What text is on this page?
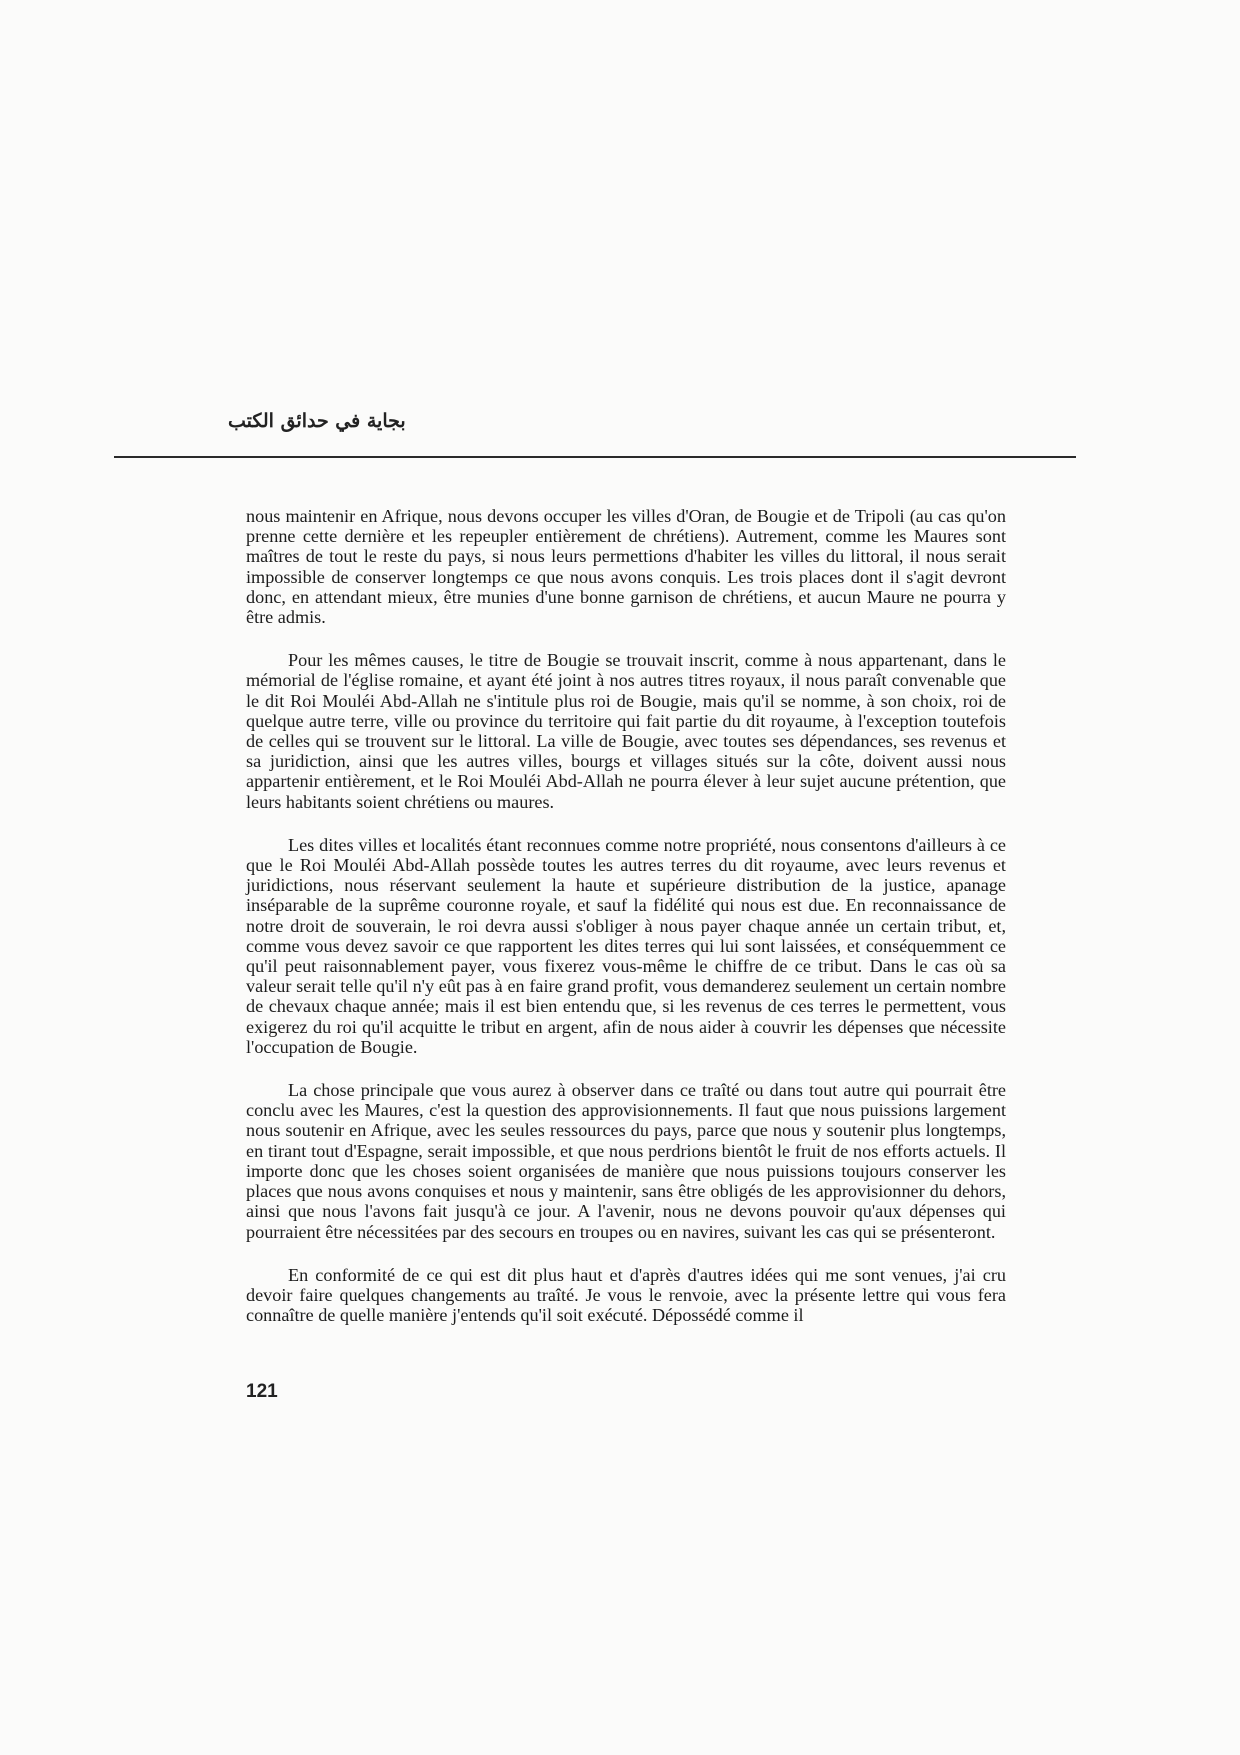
بجاية في حدائق الكتب

nous maintenir en Afrique, nous devons occuper les villes d'Oran, de Bougie et de Tripoli (au cas qu'on prenne cette dernière et les repeupler entièrement de chrétiens). Autrement, comme les Maures sont maîtres de tout le reste du pays, si nous leurs permettions d'habiter les villes du littoral, il nous serait impossible de conserver longtemps ce que nous avons conquis. Les trois places dont il s'agit devront donc, en attendant mieux, être munies d'une bonne garnison de chrétiens, et aucun Maure ne pourra y être admis.

Pour les mêmes causes, le titre de Bougie se trouvait inscrit, comme à nous appartenant, dans le mémorial de l'église romaine, et ayant été joint à nos autres titres royaux, il nous paraît convenable que le dit Roi Mouléi Abd-Allah ne s'intitule plus roi de Bougie, mais qu'il se nomme, à son choix, roi de quelque autre terre, ville ou province du territoire qui fait partie du dit royaume, à l'exception toutefois de celles qui se trouvent sur le littoral. La ville de Bougie, avec toutes ses dépendances, ses revenus et sa juridiction, ainsi que les autres villes, bourgs et villages situés sur la côte, doivent aussi nous appartenir entièrement, et le Roi Mouléi Abd-Allah ne pourra élever à leur sujet aucune prétention, que leurs habitants soient chrétiens ou maures.

Les dites villes et localités étant reconnues comme notre propriété, nous consentons d'ailleurs à ce que le Roi Mouléi Abd-Allah possède toutes les autres terres du dit royaume, avec leurs revenus et juridictions, nous réservant seulement la haute et supérieure distribution de la justice, apanage inséparable de la suprême couronne royale, et sauf la fidélité qui nous est due. En reconnaissance de notre droit de souverain, le roi devra aussi s'obliger à nous payer chaque année un certain tribut, et, comme vous devez savoir ce que rapportent les dites terres qui lui sont laissées, et conséquemment ce qu'il peut raisonnablement payer, vous fixerez vous-même le chiffre de ce tribut. Dans le cas où sa valeur serait telle qu'il n'y eût pas à en faire grand profit, vous demanderez seulement un certain nombre de chevaux chaque année; mais il est bien entendu que, si les revenus de ces terres le permettent, vous exigerez du roi qu'il acquitte le tribut en argent, afin de nous aider à couvrir les dépenses que nécessite l'occupation de Bougie.

La chose principale que vous aurez à observer dans ce traîté ou dans tout autre qui pourrait être conclu avec les Maures, c'est la question des approvisionnements. Il faut que nous puissions largement nous soutenir en Afrique, avec les seules ressources du pays, parce que nous y soutenir plus longtemps, en tirant tout d'Espagne, serait impossible, et que nous perdrions bientôt le fruit de nos efforts actuels. Il importe donc que les choses soient organisées de manière que nous puissions toujours conserver les places que nous avons conquises et nous y maintenir, sans être obligés de les approvisionner du dehors, ainsi que nous l'avons fait jusqu'à ce jour. A l'avenir, nous ne devons pouvoir qu'aux dépenses qui pourraient être nécessitées par des secours en troupes ou en navires, suivant les cas qui se présenteront.

En conformité de ce qui est dit plus haut et d'après d'autres idées qui me sont venues, j'ai cru devoir faire quelques changements au traîté. Je vous le renvoie, avec la présente lettre qui vous fera connaître de quelle manière j'entends qu'il soit exécuté. Dépossédé comme il

121
